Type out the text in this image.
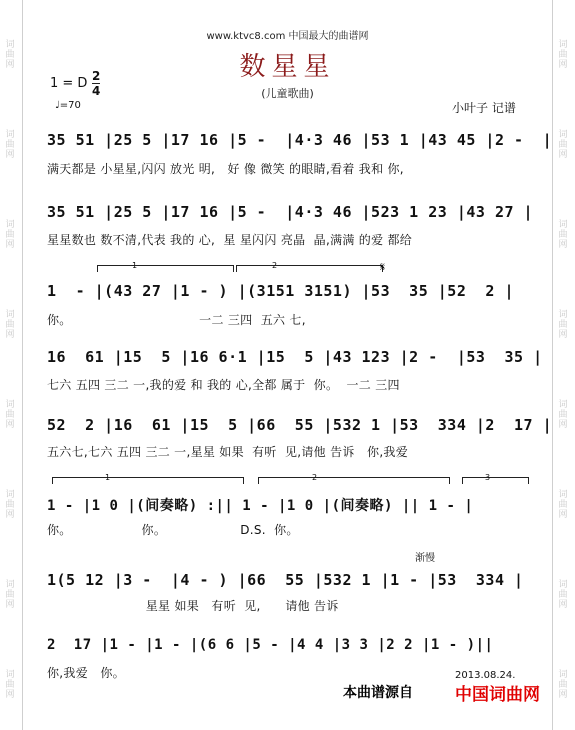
词曲网
词曲网
词曲网
词曲网
词曲网
词曲网
词曲网
词曲网
词曲网
词曲网
词曲网
词曲网
词曲网
词曲网
词曲网
词曲网
www.ktvc8.com 中国最大的曲谱网
数星星
(儿童歌曲)
1 = D 2
4
♩=70	小叶子 记谱
35 51 |25 5 |17 16 |5 -  |4·3 46 |53 1 |43 45 |2 -  |
满天都是 小星星,闪闪 放光 明,   好 像 微笑 的眼睛,看着 我和 你,
35 51 |25 5 |17 16 |5 -  |4·3 46 |523 1 23 |43 27 |
星星数也 数不清,代表 我的 心,  星 星闪闪 亮晶  晶,满满 的爱 都给
1	2	𝄋
1  - |(43 27 |1 - ) |(3151 3151) |53  35 |52  2 |
你。                               一二 三四  五六 七,
16  61 |15  5 |16 6·1 |15  5 |43 123 |2 -  |53  35 |
七六 五四 三二 一,我的爱 和 我的 心,全都 属于  你。  一二 三四
52  2 |16  61 |15  5 |66  55 |532 1 |53  334 |2  17 |
五六七,七六 五四 三二 一,星星 如果  有听  见,请他 告诉   你,我爱
1	2	3
1 - |1 0 |(间奏略) :|| 1 - |1 0 |(间奏略) || 1 - |
你。                 你。                  D.S.  你。
渐慢
1(5 12 |3 -  |4 - ) |66  55 |532 1 |1 - |53  334 |
星星 如果   有听  见,      请他 告诉
2  17 |1 - |1 - |(6 6 |5 - |4 4 |3 3 |2 2 |1 - )||
你,我爱   你。	2013.08.24.
本曲谱源自 中国词曲网
